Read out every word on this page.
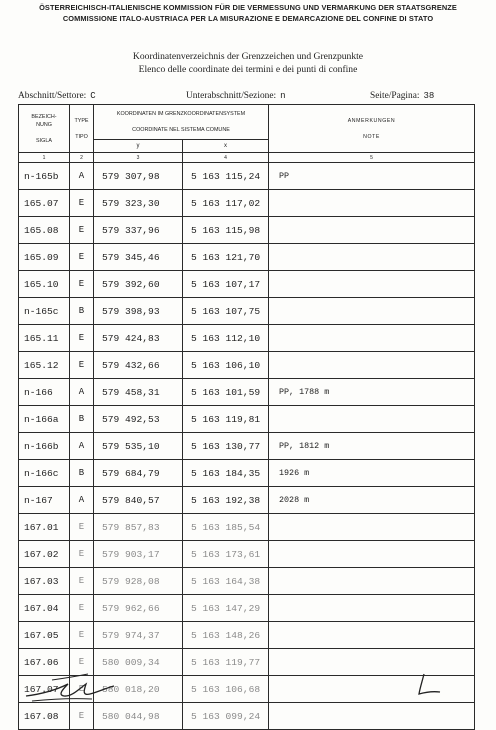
ÖSTERREICHISCH-ITALIENISCHE KOMMISSION FÜR DIE VERMESSUNG UND VERMARKUNG DER STAATSGRENZE
COMMISSIONE ITALO-AUSTRIACA PER LA MISURAZIONE E DEMARCAZIONE DEL CONFINE DI STATO
Koordinatenverzeichnis der Grenzzeichen und Grenzpunkte
Elenco delle coordinate dei termini e dei punti di confine
Abschnitt/Settore: C	Unterabschnitt/Sezione: n	Seite/Pagina: 38
BEZEICH-
NUNG

SIGLA	TYPE

TIPO	KOORDINATEN IM GRENZKOORDINATENSYSTEM

COORDINATE NEL SISTEMA COMUNE		ANMERKUNGEN

NOTE
		y	x	
1	2	3	4	5
n-165b	A	579 307,98	5 163 115,24	PP
165.07	E	579 323,30	5 163 117,02	
165.08	E	579 337,96	5 163 115,98	
165.09	E	579 345,46	5 163 121,70	
165.10	E	579 392,60	5 163 107,17	
n-165c	B	579 398,93	5 163 107,75	
165.11	E	579 424,83	5 163 112,10	
165.12	E	579 432,66	5 163 106,10	
n-166	A	579 458,31	5 163 101,59	PP, 1788 m
n-166a	B	579 492,53	5 163 119,81	
n-166b	A	579 535,10	5 163 130,77	PP, 1812 m
n-166c	B	579 684,79	5 163 184,35	1926 m
n-167	A	579 840,57	5 163 192,38	2028 m
167.01	E	579 857,83	5 163 185,54	
167.02	E	579 903,17	5 163 173,61	
167.03	E	579 928,08	5 163 164,38	
167.04	E	579 962,66	5 163 147,29	
167.05	E	579 974,37	5 163 148,26	
167.06	E	580 009,34	5 163 119,77	
167.07	E	580 018,20	5 163 106,68	
167.08	E	580 044,98	5 163 099,24	
